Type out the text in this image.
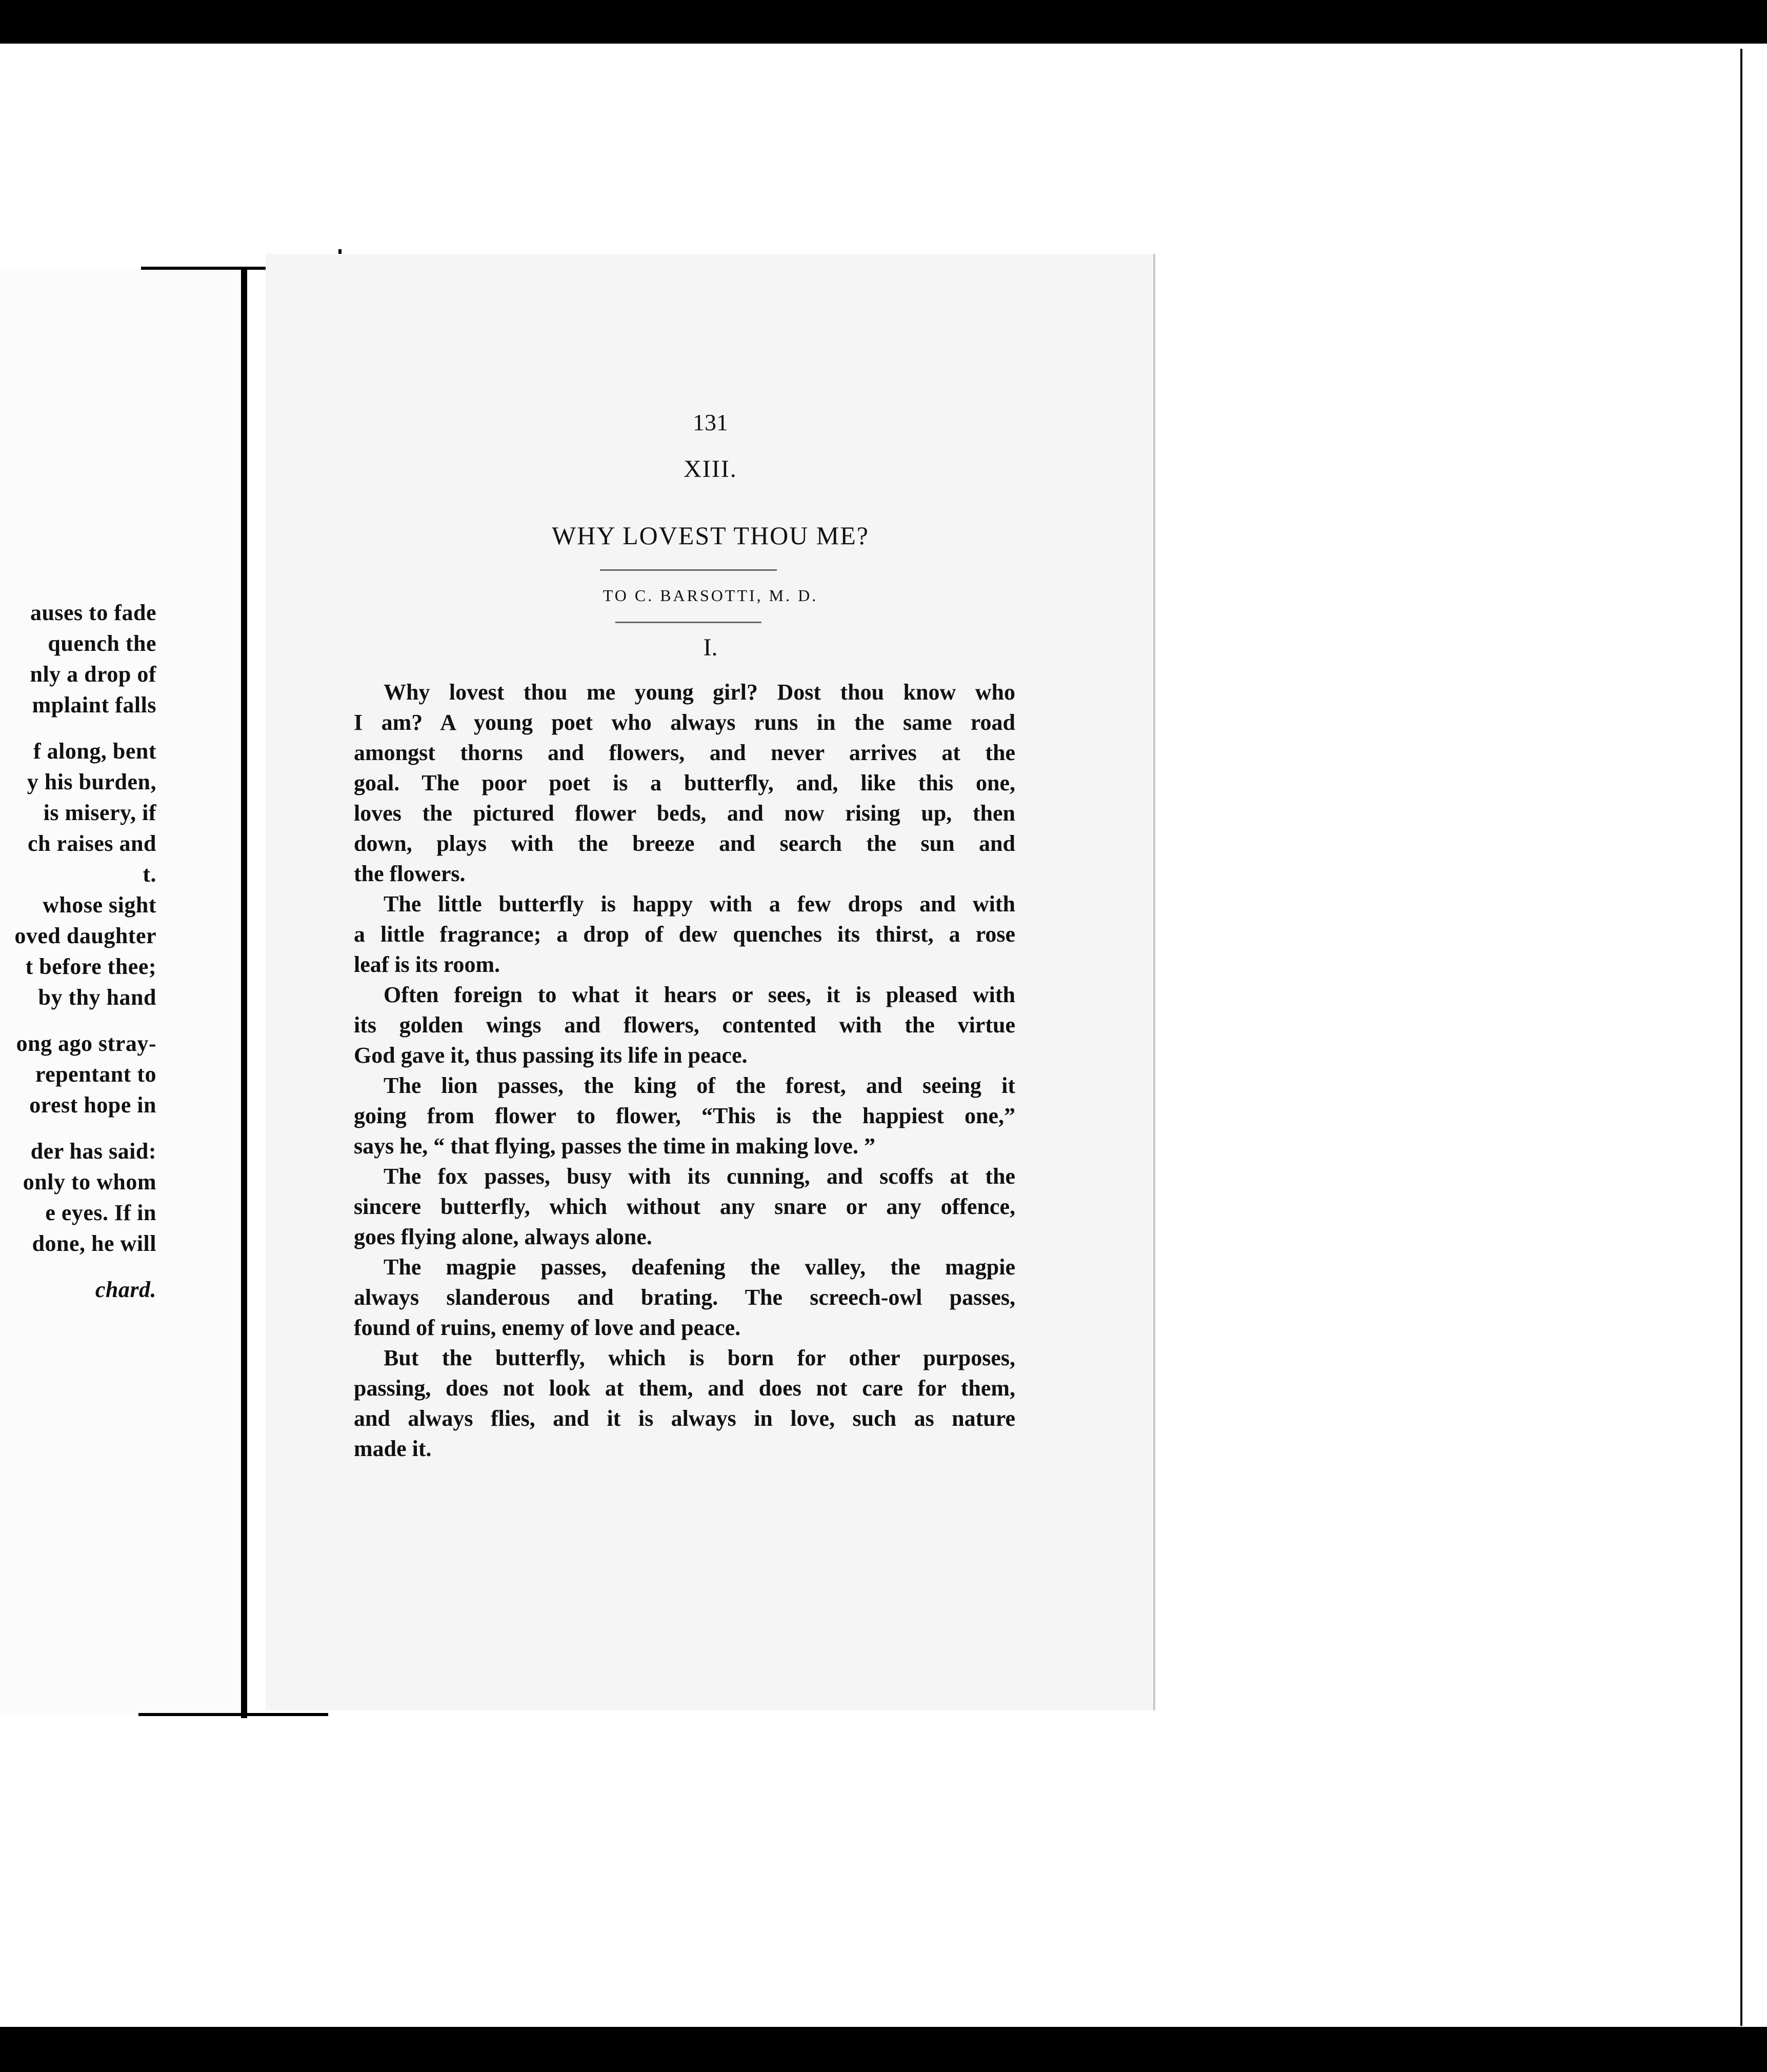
auses to fade
quench the
nly a drop of
mplaint falls
f along, bent
y his burden,
is misery, if
ch raises and
t.
whose sight
oved daughter
t before thee;
by thy hand
ong ago stray-
repentant to
orest hope in
der has said:
only to whom
e eyes. If in
done, he will
chard.
131
XIII.
WHY LOVEST THOU ME?
TO C. BARSOTTI, M. D.
I.
Why lovest thou me young girl? Dost thou know who
I am? A young poet who always runs in the same road
amongst thorns and flowers, and never arrives at the
goal. The poor poet is a butterfly, and, like this one,
loves the pictured flower beds, and now rising up, then
down, plays with the breeze and search the sun and
the flowers.
The little butterfly is happy with a few drops and with
a little fragrance; a drop of dew quenches its thirst, a rose
leaf is its room.
Often foreign to what it hears or sees, it is pleased with
its golden wings and flowers, contented with the virtue
God gave it, thus passing its life in peace.
The lion passes, the king of the forest, and seeing it
going from flower to flower, “This is the happiest one,”
says he, “ that flying, passes the time in making love. ”
The fox passes, busy with its cunning, and scoffs at the
sincere butterfly, which without any snare or any offence,
goes flying alone, always alone.
The magpie passes, deafening the valley, the magpie
always slanderous and brating. The screech-owl passes,
found of ruins, enemy of love and peace.
But the butterfly, which is born for other purposes,
passing, does not look at them, and does not care for them,
and always flies, and it is always in love, such as nature
made it.
